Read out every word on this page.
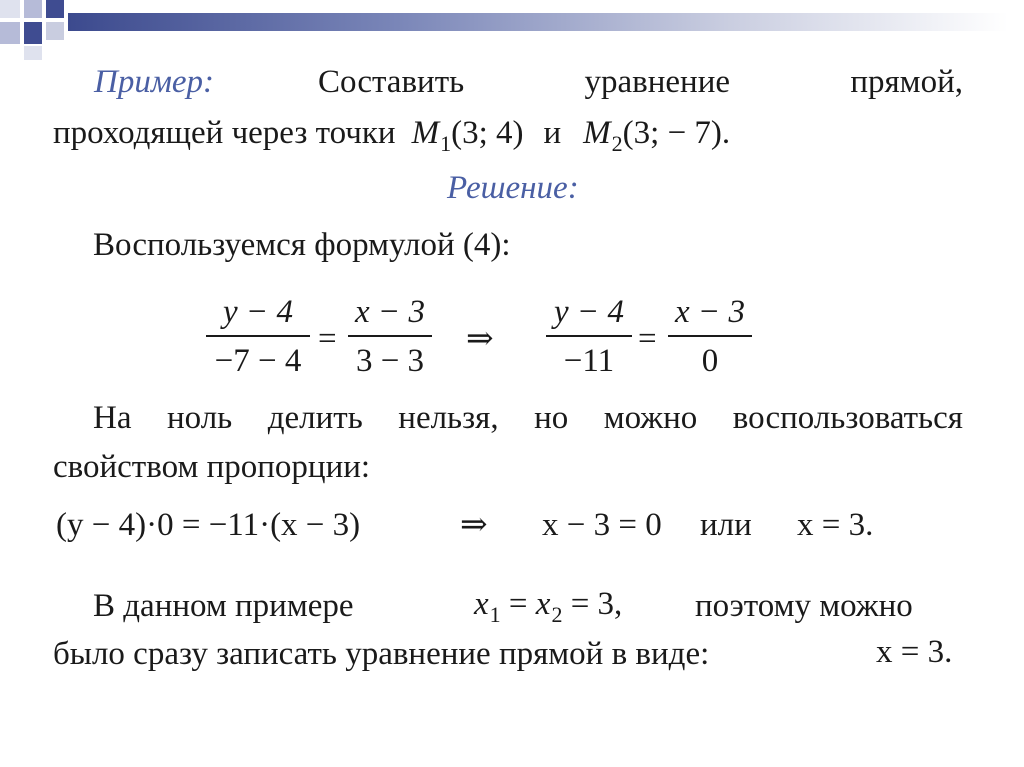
Пример:	Составить	уравнение	прямой,
проходящей через точки $M_1(3$; 4) и $M_2(3$; − 7).
Решение:
Воспользуемся формулой (4):
y − 4
−7 − 4
=
x − 3
3 − 3
⇒
y − 4
−11
=
x − 3
0
На ноль делить нельзя, но можно воспользоваться
свойством пропорции:
(y − 4)·0 = −11·(x − 3)	⇒ x − 3 = 0 или x = 3.
В данном примере	$x_1 = x_2 = 3$, поэтому можно
было сразу записать уравнение прямой в виде:	x = 3.
